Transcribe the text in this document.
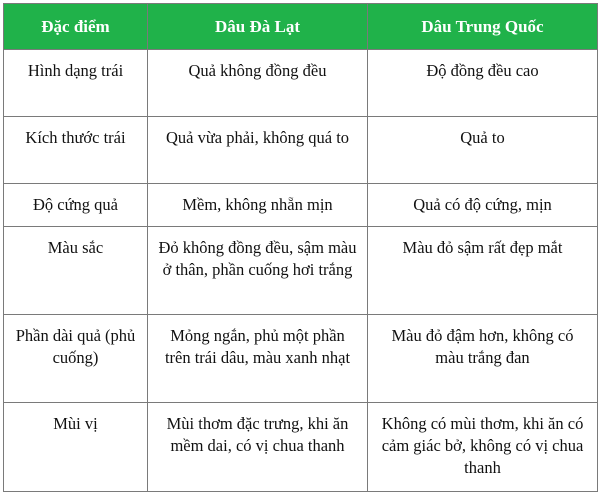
Đặc điểm	Dâu Đà Lạt	Dâu Trung Quốc
Hình dạng trái	Quả không đồng đều	Độ đồng đều cao
Kích thước trái	Quả vừa phải, không quá to	Quả to
Độ cứng quả	Mềm, không nhẵn mịn	Quả có độ cứng, mịn
Màu sắc	Đỏ không đồng đều, sậm màu ở thân, phần cuống hơi trắng	Màu đỏ sậm rất đẹp mắt
Phần dài quả (phủ cuống)	Mỏng ngắn, phủ một phần trên trái dâu, màu xanh nhạt	Màu đỏ đậm hơn, không có màu trắng đan
Mùi vị	Mùi thơm đặc trưng, khi ăn mềm dai, có vị chua thanh	Không có mùi thơm, khi ăn có cảm giác bở, không có vị chua thanh
